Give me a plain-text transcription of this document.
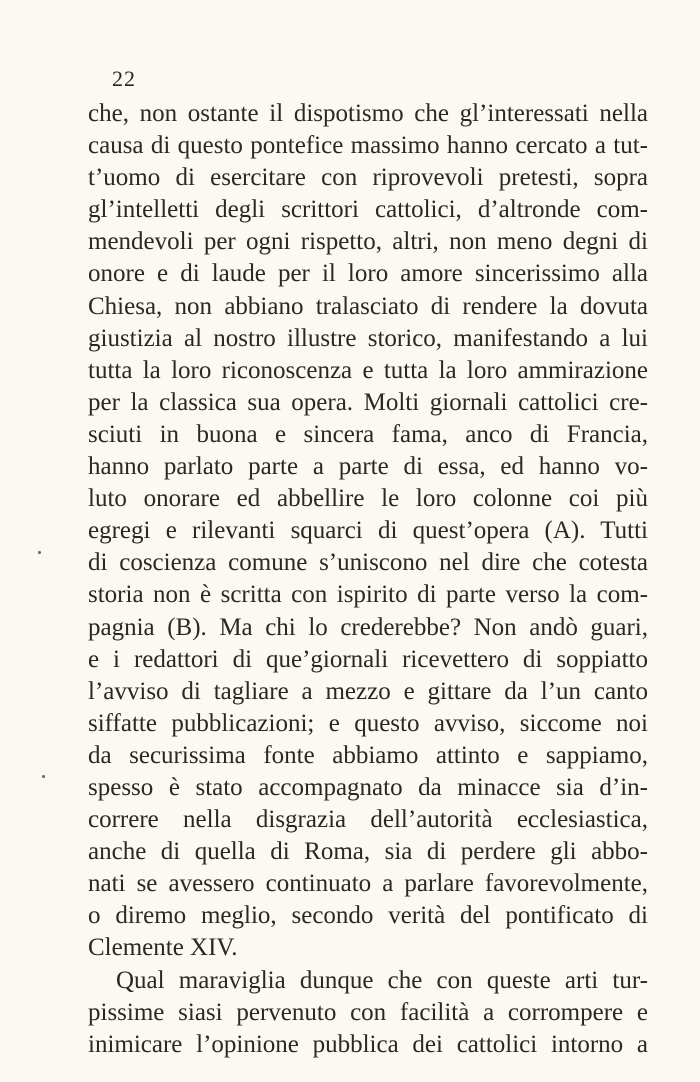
22
che, non ostante il dispotismo che gl’interessati nella
causa di questo pontefice massimo hanno cercato a tut-
t’uomo di esercitare con riprovevoli pretesti, sopra
gl’intelletti degli scrittori cattolici, d’altronde com-
mendevoli per ogni rispetto, altri, non meno degni di
onore e di laude per il loro amore sincerissimo alla
Chiesa, non abbiano tralasciato di rendere la dovuta
giustizia al nostro illustre storico, manifestando a lui
tutta la loro riconoscenza e tutta la loro ammirazione
per la classica sua opera. Molti giornali cattolici cre-
sciuti in buona e sincera fama, anco di Francia,
hanno parlato parte a parte di essa, ed hanno vo-
luto onorare ed abbellire le loro colonne coi più
egregi e rilevanti squarci di quest’opera (A). Tutti
di coscienza comune s’uniscono nel dire che cotesta
storia non è scritta con ispirito di parte verso la com-
pagnia (B). Ma chi lo crederebbe? Non andò guari,
e i redattori di que’giornali ricevettero di soppiatto
l’avviso di tagliare a mezzo e gittare da l’un canto
siffatte pubblicazioni; e questo avviso, siccome noi
da securissima fonte abbiamo attinto e sappiamo,
spesso è stato accompagnato da minacce sia d’in-
correre nella disgrazia dell’autorità ecclesiastica,
anche di quella di Roma, sia di perdere gli abbo-
nati se avessero continuato a parlare favorevolmente,
o diremo meglio, secondo verità del pontificato di
Clemente XIV.
Qual maraviglia dunque che con queste arti tur-
pissime siasi pervenuto con facilità a corrompere e
inimicare l’opinione pubblica dei cattolici intorno a
